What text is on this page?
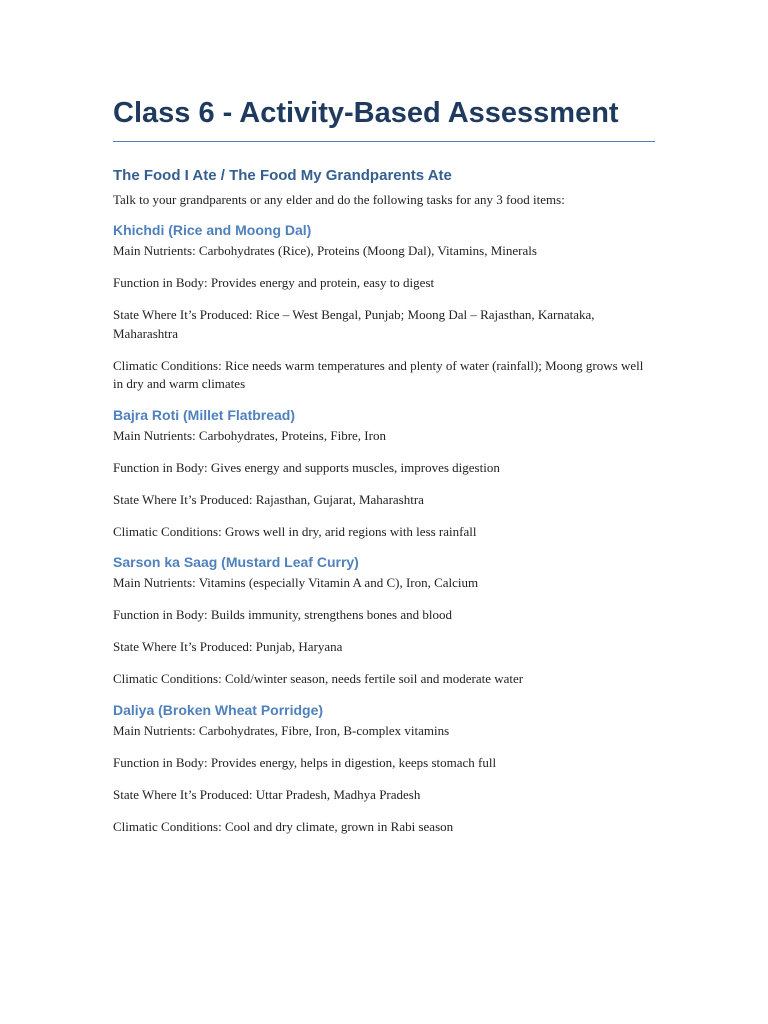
Class 6 - Activity-Based Assessment
The Food I Ate / The Food My Grandparents Ate

Talk to your grandparents or any elder and do the following tasks for any 3 food items:

Khichdi (Rice and Moong Dal)

Main Nutrients: Carbohydrates (Rice), Proteins (Moong Dal), Vitamins, Minerals

Function in Body: Provides energy and protein, easy to digest

State Where It’s Produced: Rice – West Bengal, Punjab; Moong Dal – Rajasthan, Karnataka, Maharashtra

Climatic Conditions: Rice needs warm temperatures and plenty of water (rainfall); Moong grows well in dry and warm climates

Bajra Roti (Millet Flatbread)

Main Nutrients: Carbohydrates, Proteins, Fibre, Iron

Function in Body: Gives energy and supports muscles, improves digestion

State Where It’s Produced: Rajasthan, Gujarat, Maharashtra

Climatic Conditions: Grows well in dry, arid regions with less rainfall

Sarson ka Saag (Mustard Leaf Curry)

Main Nutrients: Vitamins (especially Vitamin A and C), Iron, Calcium

Function in Body: Builds immunity, strengthens bones and blood

State Where It’s Produced: Punjab, Haryana

Climatic Conditions: Cold/winter season, needs fertile soil and moderate water

Daliya (Broken Wheat Porridge)

Main Nutrients: Carbohydrates, Fibre, Iron, B-complex vitamins

Function in Body: Provides energy, helps in digestion, keeps stomach full

State Where It’s Produced: Uttar Pradesh, Madhya Pradesh

Climatic Conditions: Cool and dry climate, grown in Rabi season
